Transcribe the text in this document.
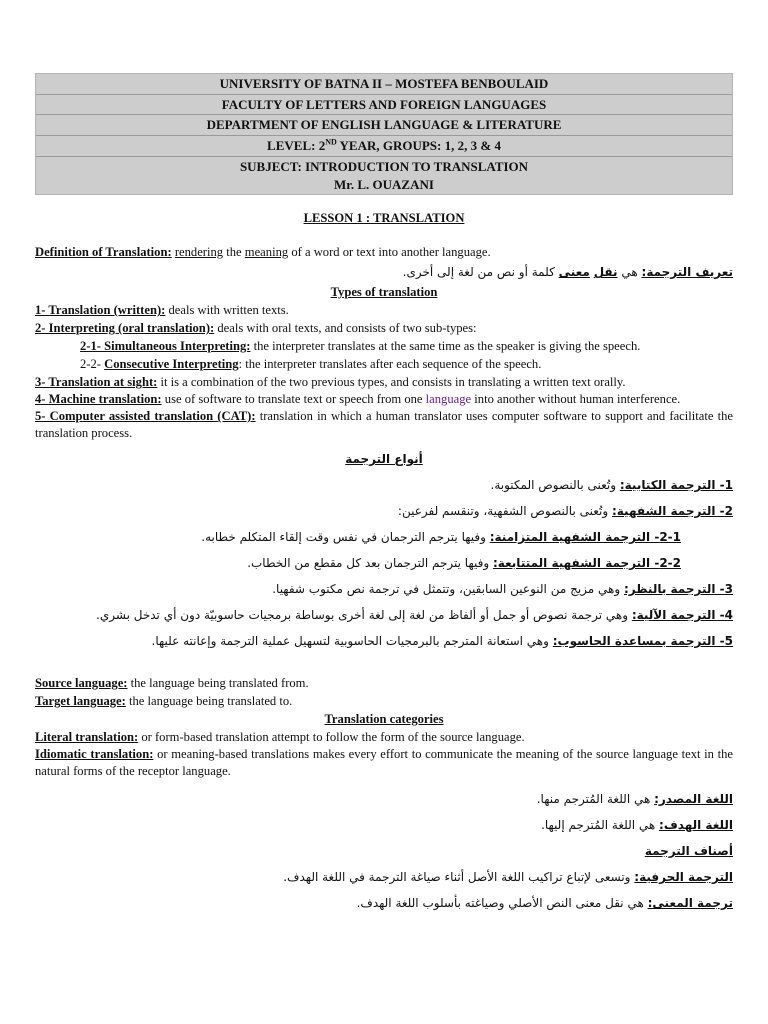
UNIVERSITY OF BATNA II – MOSTEFA BENBOULAID
FACULTY OF LETTERS AND FOREIGN LANGUAGES
DEPARTMENT OF ENGLISH LANGUAGE & LITERATURE
LEVEL: 2ND YEAR, GROUPS: 1, 2, 3 & 4
SUBJECT: INTRODUCTION TO TRANSLATION
Mr. L. OUAZANI
LESSON 1 : TRANSLATION

Definition of Translation: rendering the meaning of a word or text into another language.

تعريف الترجمة: هي نقل معنى كلمة أو نص من لغة إلى أخرى.

Types of translation

1- Translation (written): deals with written texts.

2- Interpreting (oral translation): deals with oral texts, and consists of two sub-types:

2-1- Simultaneous Interpreting: the interpreter translates at the same time as the speaker is giving the speech.

2-2- Consecutive Interpreting: the interpreter translates after each sequence of the speech.

3- Translation at sight: it is a combination of the two previous types, and consists in translating a written text orally.

4- Machine translation: use of software to translate text or speech from one language into another without human interference.

5- Computer assisted translation (CAT): translation in which a human translator uses computer software to support and facilitate the translation process.

أنواع الترجمة

1- الترجمة الكتابية: وتُعنى بالنصوص المكتوبة.

2- الترجمة الشفهية: وتُعنى بالنصوص الشفهية، وتنقسم لفرعين:

2-1- الترجمة الشفهية المتزامنة: وفيها يترجم الترجمان في نفس وقت إلقاء المتكلم خطابه.

2-2- الترجمة الشفهية المتتابعة: وفيها يترجم الترجمان بعد كل مقطع من الخطاب.

3- الترجمة بالنظر: وهي مزيج من النوعين السابقين، وتتمثل في ترجمة نص مكتوب شفهيا.

4- الترجمة الآلية: وهي ترجمة نصوص أو جمل أو ألفاظ من لغة إلى لغة أخرى بوساطة برمجيات حاسوبيّة دون أي تدخل بشري.

5- الترجمة بمساعدة الحاسوب: وهي استعانة المترجم بالبرمجيات الحاسوبية لتسهيل عملية الترجمة وإعانته عليها.

Source language: the language being translated from.

Target language: the language being translated to.

Translation categories

Literal translation: or form-based translation attempt to follow the form of the source language.

Idiomatic translation: or meaning-based translations makes every effort to communicate the meaning of the source language text in the natural forms of the receptor language.

اللغة المصدر: هي اللغة المُترجم منها.

اللغة الهدف: هي اللغة المُترجم إليها.

أصناف الترجمة

الترجمة الحرفية: وتسعى لإتباع تراكيب اللغة الأصل أثناء صياغة الترجمة في اللغة الهدف.

ترجمة المعنى: هي نقل معنى النص الأصلي وصياغته بأسلوب اللغة الهدف.
